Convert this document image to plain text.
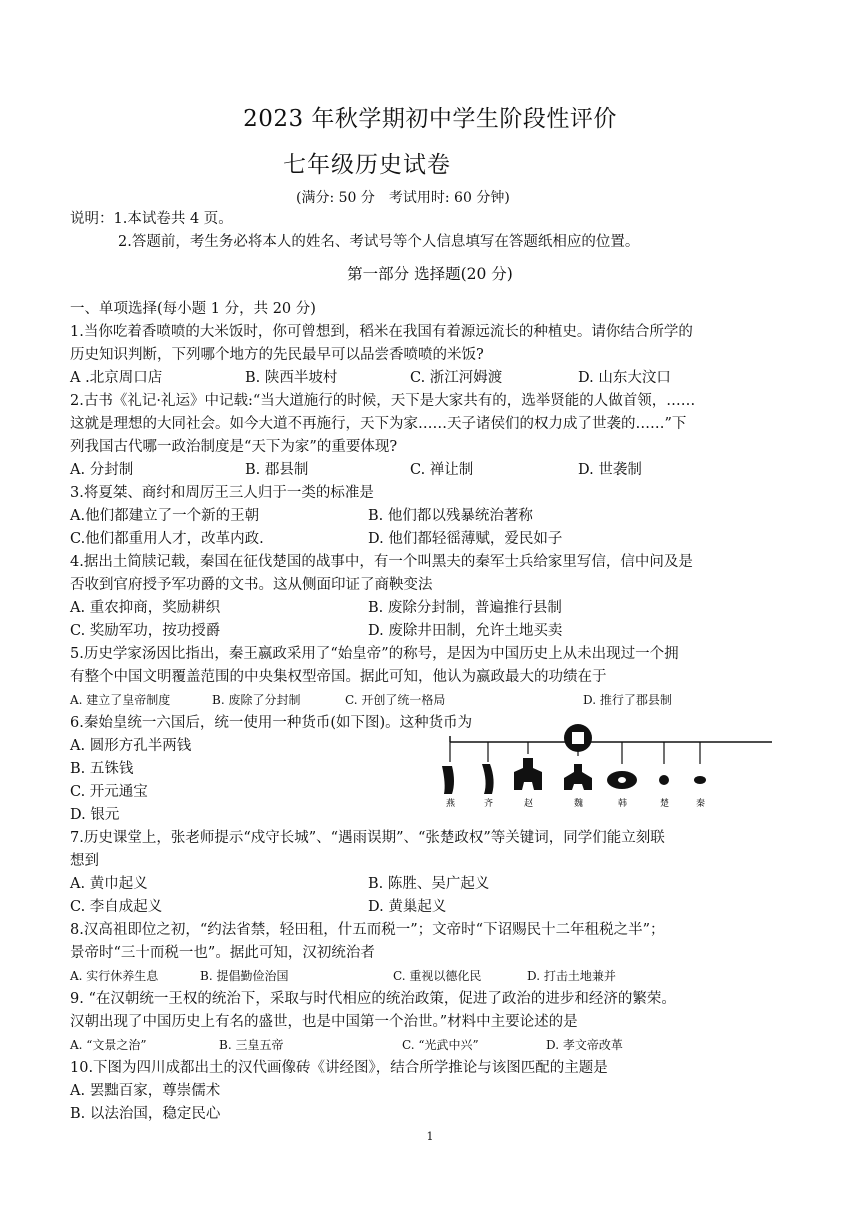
2023 年秋学期初中学生阶段性评价
七年级历史试卷
(满分: 50 分　考试用时: 60 分钟)
说明：1.本试卷共 4 页。
2.答题前，考生务必将本人的姓名、考试号等个人信息填写在答题纸相应的位置。
第一部分 选择题(20 分)
一、单项选择(每小题 1 分，共 20 分)
1.当你吃着香喷喷的大米饭时，你可曾想到，稻米在我国有着源远流长的种植史。请你结合所学的
历史知识判断，下列哪个地方的先民最早可以品尝香喷喷的米饭?
A .北京周口店	B. 陕西半坡村	C. 浙江河姆渡	D. 山东大汶口
2.古书《礼记·礼运》中记载:“当大道施行的时候，天下是大家共有的，选举贤能的人做首领，……
这就是理想的大同社会。如今大道不再施行，天下为家……天子诸侯们的权力成了世袭的……”下
列我国古代哪一政治制度是“天下为家”的重要体现?
A. 分封制	B. 郡县制	C. 禅让制	D. 世袭制
3.将夏桀、商纣和周厉王三人归于一类的标准是
A.他们都建立了一个新的王朝	B. 他们都以残暴统治著称
C.他们都重用人才，改革内政.	D. 他们都轻徭薄赋，爱民如子
4.据出土简牍记载，秦国在征伐楚国的战事中，有一个叫黑夫的秦军士兵给家里写信，信中问及是
否收到官府授予军功爵的文书。这从侧面印证了商鞅变法
A. 重农抑商，奖励耕织	B. 废除分封制，普遍推行县制
C. 奖励军功，按功授爵	D. 废除井田制，允许土地买卖
5.历史学家汤因比指出，秦王嬴政采用了“始皇帝”的称号，是因为中国历史上从未出现过一个拥
有整个中国文明覆盖范围的中央集权型帝国。据此可知，他认为嬴政最大的功绩在于
A. 建立了皇帝制度	B. 废除了分封制	C. 开创了统一格局	D. 推行了郡县制
6.秦始皇统一六国后，统一使用一种货币(如下图)。这种货币为
A. 圆形方孔半两钱
B. 五铢钱
C. 开元通宝
D. 银元
燕	齐	赵	魏	韩	楚	秦
7.历史课堂上，张老师提示“戍守长城”、“遇雨误期”、“张楚政权”等关键词，同学们能立刻联
想到
A. 黄巾起义	B. 陈胜、吴广起义
C. 李自成起义	D. 黄巢起义
8.汉高祖即位之初，“约法省禁，轻田租，什五而税一”；文帝时“下诏赐民十二年租税之半”；
景帝时“三十而税一也”。据此可知，汉初统治者
A. 实行休养生息	B. 提倡勤俭治国	C. 重视以德化民	D. 打击土地兼并
9. “在汉朝统一王权的统治下，采取与时代相应的统治政策，促进了政治的进步和经济的繁荣。
汉朝出现了中国历史上有名的盛世，也是中国第一个治世。”材料中主要论述的是
A. “文景之治”	B. 三皇五帝	C. “光武中兴”	D. 孝文帝改革
10.下图为四川成都出土的汉代画像砖《讲经图》，结合所学推论与该图匹配的主题是
A. 罢黜百家，尊崇儒术
B. 以法治国，稳定民心
1
